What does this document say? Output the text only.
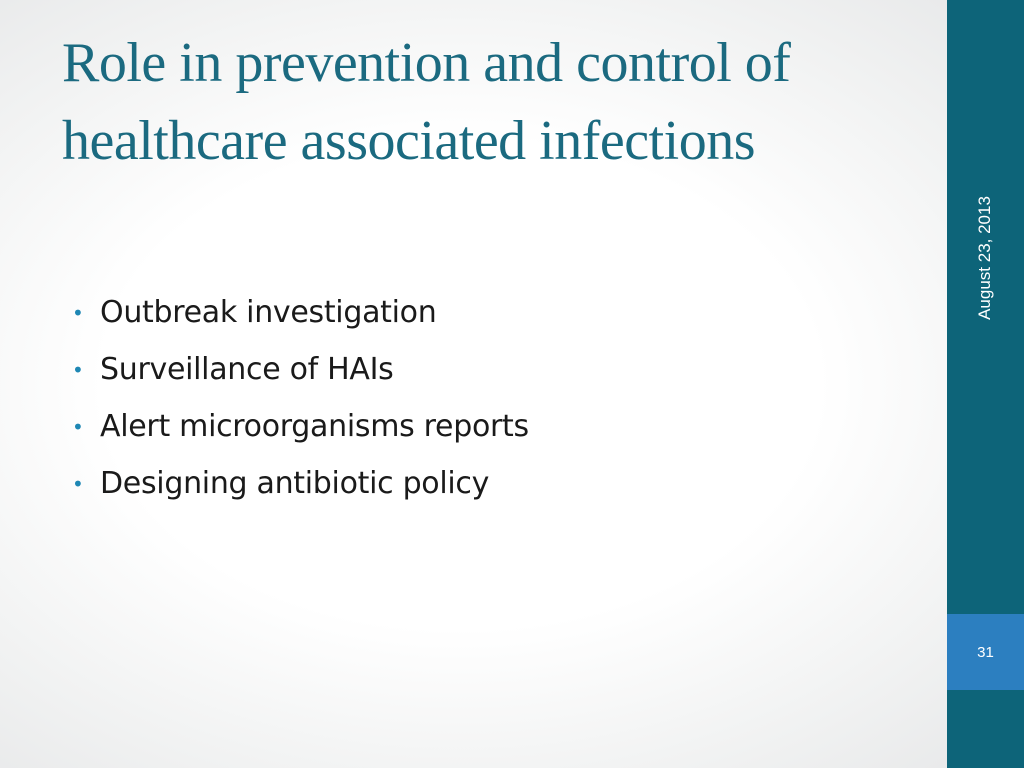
Role in prevention and control of healthcare associated infections
• Outbreak investigation
• Surveillance of HAIs
• Alert microorganisms reports
• Designing antibiotic policy
August 23, 2013
31
